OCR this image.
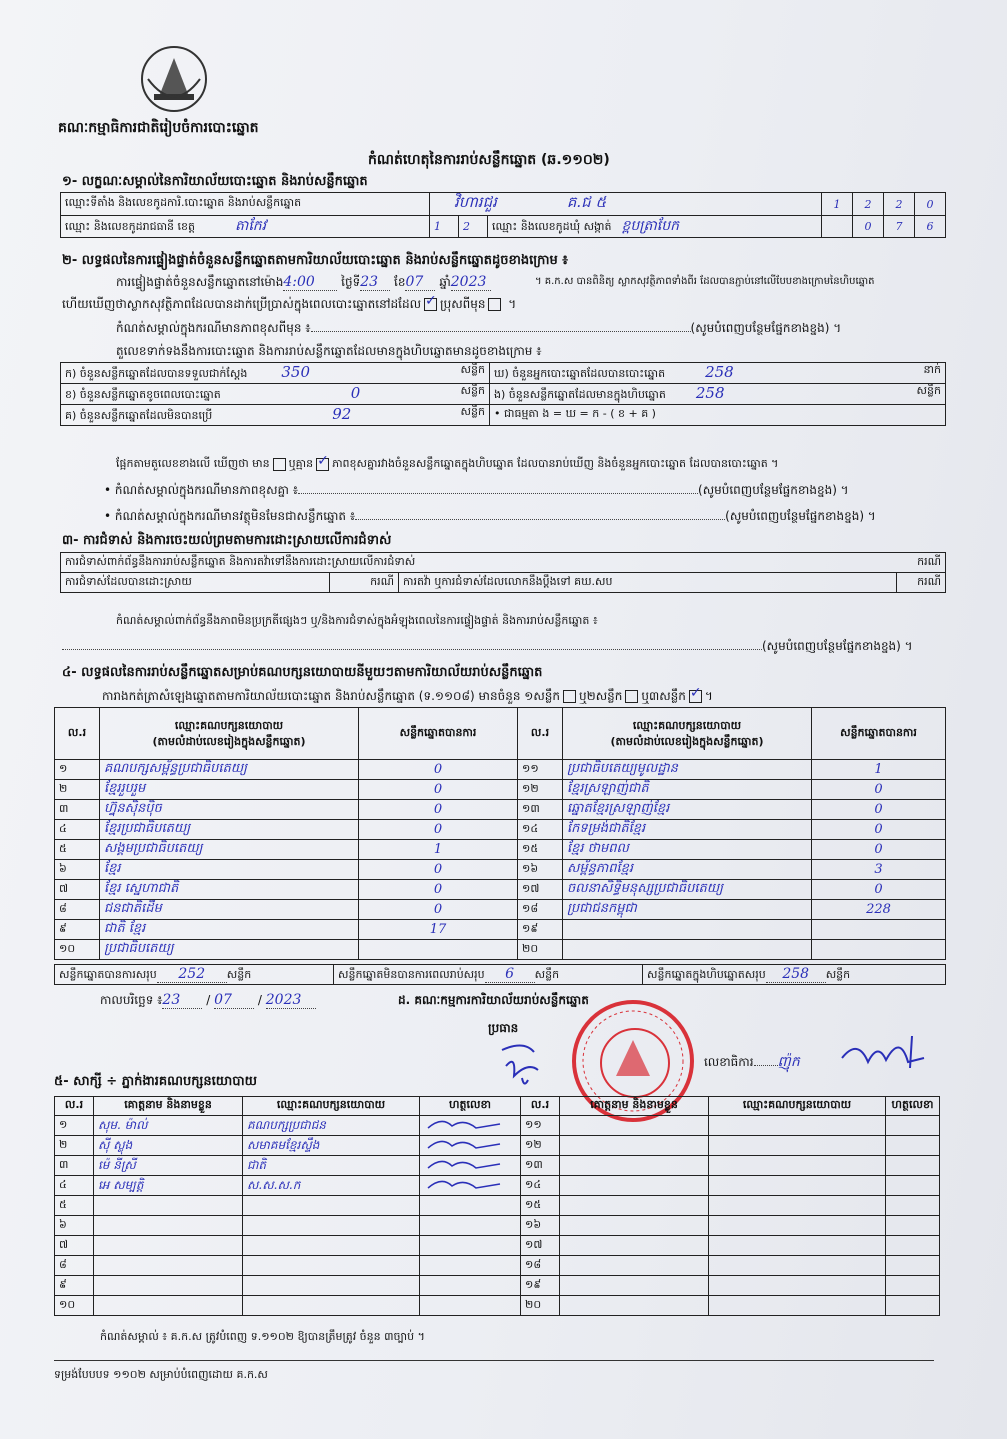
គណៈកម្មាធិការជាតិរៀបចំការបោះឆ្នោត
កំណត់ហេតុនៃការរាប់សន្លឹកឆ្នោត (ឆ.១១០២)
១- លក្ខណៈសម្គាល់នៃការិយាល័យបោះឆ្នោត និងរាប់សន្លឹកឆ្នោត
ឈ្មោះទីតាំង និងលេខកូដការិ.បោះឆ្នោត និងរាប់សន្លឹកឆ្នោត	វិហារជួរ គ.ជ ៥			1	2	2	0
ឈ្មោះ និងលេខកូដរាជធានី ខេត្ត តាកែវ	1	2	ឈ្មោះ និងលេខកូដឃុំ សង្កាត់ ខ្ពបត្រាបែក		0	7	6
២- លទ្ធផលនៃការផ្ទៀងផ្ទាត់ចំនួនសន្លឹកឆ្នោតតាមការិយាល័យបោះឆ្នោត និងរាប់សន្លឹកឆ្នោតដូចខាងក្រោម ៖
ការផ្ទៀងផ្ទាត់ចំនួនសន្លឹកឆ្នោតនៅម៉ោង4:00 ថ្ងៃទី23 ខែ07 ឆ្នាំ2023	។ គ.ក.ស បានពិនិត្យ ស្លាកសុវត្ថិភាពទាំងពីរ ដែលបានភ្ជាប់នៅលើបែបខាងក្រោមនៃហិបឆ្នោត
ហើយឃើញថាស្លាកសុវត្ថិភាពដែលបានដាក់ប្រើប្រាស់ក្នុងពេលបោះឆ្នោតនៅដដែល ✓ ប្រុសពីមុន ។
កំណត់សម្គាល់ក្នុងករណីមានភាពខុសពីមុន ៖	(សូមបំពេញបន្ថែមផ្នែកខាងខ្នង) ។
តួលេខទាក់ទងនឹងការបោះឆ្នោត និងការរាប់សន្លឹកឆ្នោតដែលមានក្នុងហិបឆ្នោតមានដូចខាងក្រោម ៖
ក) ចំនួនសន្លឹកឆ្នោតដែលបានទទួលជាក់ស្តែង 350 សន្លឹក	ឃ) ចំនួនអ្នកបោះឆ្នោតដែលបានបោះឆ្នោត 258 នាក់

ខ) ចំនួនសន្លឹកឆ្នោតខូចពេលបោះឆ្នោត 0 សន្លឹក	ង) ចំនួនសន្លឹកឆ្នោតដែលមានក្នុងហិបឆ្នោត 258 សន្លឹក

គ) ចំនួនសន្លឹកឆ្នោតដែលមិនបានប្រើ 92 សន្លឹក	• ជាធម្មតា ង = ឃ = ក - ( ខ + គ )
ផ្អែកតាមតួលេខខាងលើ ឃើញថា មាន ឬគ្មាន ✓ ភាពខុសគ្នារវាងចំនួនសន្លឹកឆ្នោតក្នុងហិបឆ្នោត ដែលបានរាប់ឃើញ និងចំនួនអ្នកបោះឆ្នោត ដែលបានបោះឆ្នោត ។
• កំណត់សម្គាល់ក្នុងករណីមានភាពខុសគ្នា ៖	(សូមបំពេញបន្ថែមផ្នែកខាងខ្នង) ។
• កំណត់សម្គាល់ក្នុងករណីមានវត្ថុមិនមែនជាសន្លឹកឆ្នោត ៖	(សូមបំពេញបន្ថែមផ្នែកខាងខ្នង) ។
៣- ការជំទាស់ និងការចេះយល់ព្រមតាមការដោះស្រាយលើការជំទាស់
ការជំទាស់ពាក់ព័ន្ធនឹងការរាប់សន្លឹកឆ្នោត និងការតវ៉ាទៅនឹងការដោះស្រាយលើការជំទាស់	ករណី

ការជំទាស់ដែលបានដោះស្រាយ	ករណី	ការតវ៉ា ឬការជំទាស់ដែលលោកនឹងប្ដឹងទៅ គឃ.សប	ករណី
កំណត់សម្គាល់ពាក់ព័ន្ធនឹងភាពមិនប្រក្រតីផ្សេងៗ ឬ/និងការជំទាស់ក្នុងអំឡុងពេលនៃការផ្ទៀងផ្ទាត់ និងការរាប់សន្លឹកឆ្នោត ៖
(សូមបំពេញបន្ថែមផ្នែកខាងខ្នង) ។
៤- លទ្ធផលនៃការរាប់សន្លឹកឆ្នោតសម្រាប់គណបក្សនយោបាយនីមួយៗតាមការិយាល័យរាប់សន្លឹកឆ្នោត
ការាងកត់ត្រាសំឡេងឆ្នោតតាមការិយាល័យបោះឆ្នោត និងរាប់សន្លឹកឆ្នោត (ទ.១១០៨) មានចំនួន ១សន្លឹក ឬ២សន្លឹក ឬ៣សន្លឹក ✓ ។
ល.រ	ឈ្មោះគណបក្សនយោបាយ
(តាមលំដាប់លេខរៀងក្នុងសន្លឹកឆ្នោត)	សន្លឹកឆ្នោតបានការ	ល.រ	ឈ្មោះគណបក្សនយោបាយ
(តាមលំដាប់លេខរៀងក្នុងសន្លឹកឆ្នោត)	សន្លឹកឆ្នោតបានការ
១	គណបក្សសម្ព័ន្ធប្រជាធិបតេយ្យ	0	១១	ប្រជាធិបតេយ្យមូលដ្ឋាន	1
២	ខ្មែររួបរួម	0	១២	ខ្មែរស្រឡាញ់ជាតិ	0
៣	ហ្វ៊ុនស៊ិនប៉ិច	0	១៣	ឆ្នោតខ្មែរស្រឡាញ់ខ្មែរ	0
៤	ខ្មែរប្រជាធិបតេយ្យ	0	១៤	កែទម្រង់ជាតិខ្មែរ	0
៥	សង្គមប្រជាធិបតេយ្យ	1	១៥	ខ្មែរ ថាមពល	0
៦	ខ្មែរ	0	១៦	សម្ព័ន្ធភាពខ្មែរ	3
៧	ខ្មែរ ស្នេហាជាតិ	0	១៧	ចលនាសិទ្ធិមនុស្សប្រជាធិបតេយ្យ	0
៨	ជនជាតិដើម	0	១៨	ប្រជាជនកម្ពុជា	228
៩	ជាតិ ខ្មែរ	17	១៩		
១០	ប្រជាធិបតេយ្យ		២០		
សន្លឹកឆ្នោតបានការសរុប 252 សន្លឹក	សន្លឹកឆ្នោតមិនបានការពេលរាប់សរុប 6 សន្លឹក	សន្លឹកឆ្នោតក្នុងហិបឆ្នោតសរុប 258 សន្លឹក
កាលបរិច្ឆេទ ៖23 / 07 / 2023	ដ. គណៈកម្មការការិយាល័យរាប់សន្លឹកឆ្នោត
ប្រធាន
លេខាធិការ ញ៉ុក
៥- សាក្សី ÷ ភ្នាក់ងារគណបក្សនយោបាយ
ល.រ	គោត្តនាម និងនាមខ្លួន	ឈ្មោះគណបក្សនយោបាយ	ហត្ថលេខា	ល.រ	គោត្តនាម និងនាមខ្លួន	ឈ្មោះគណបក្សនយោបាយ	ហត្ថលេខា
១	សុម. ម៉ាល់	គណបក្សប្រជាជន		១១			
២	ស៊ី ស្លុង	សមាគមខ្មែរស្ទឹង		១២			
៣	ម៉េ នីស្រី	ជាតិ		១៣			
៤	អេ សម្បត្តិ	ស.ស.ស.ក		១៤			
៥				១៥			
៦				១៦			
៧				១៧			
៨				១៨			
៩				១៩			
១០				២០			
កំណត់សម្គាល់ ៖ គ.ក.ស ត្រូវបំពេញ ទ.១១០២ ឱ្យបានត្រឹមត្រូវ ចំនួន ៣ច្បាប់ ។
ទម្រង់បែបបទ ១១០២ សម្រាប់បំពេញដោយ គ.ក.ស
